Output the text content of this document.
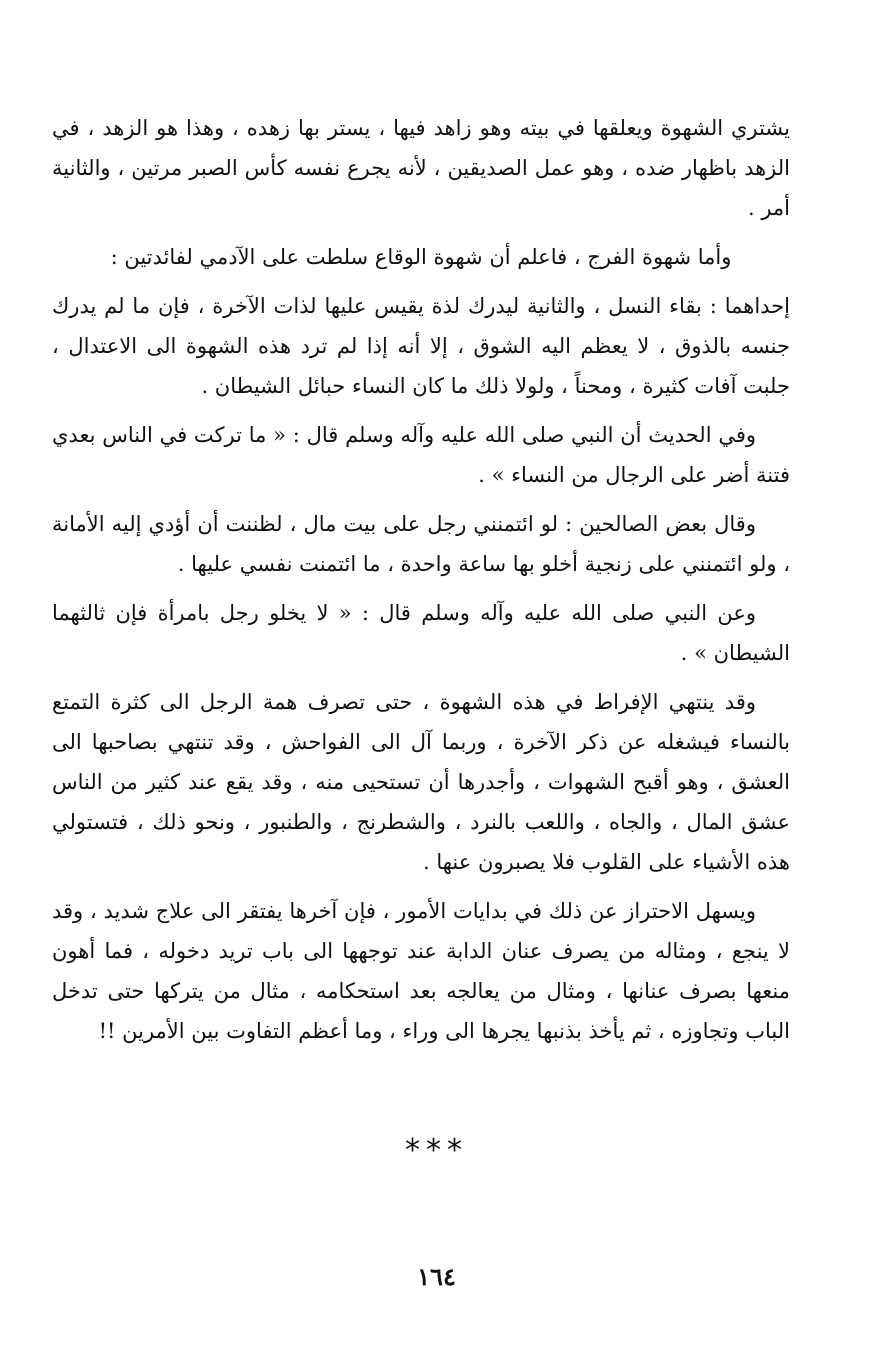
يشتري الشهوة ويعلقها في بيته وهو زاهد فيها ، يستر بها زهده ، وهذا هو الزهد ، في الزهد باظهار ضده ، وهو عمل الصديقين ، لأنه يجرع نفسه كأس الصبر مرتين ، والثانية أمر .

وأما شهوة الفرج ، فاعلم أن شهوة الوقاع سلطت على الآدمي لفائدتين :

إحداهما : بقاء النسل ، والثانية ليدرك لذة يقيس عليها لذات الآخرة ، فإن ما لم يدرك جنسه بالذوق ، لا يعظم اليه الشوق ، إلا أنه إذا لم ترد هذه الشهوة الى الاعتدال ، جلبت آفات كثيرة ، ومحناً ، ولولا ذلك ما كان النساء حبائل الشيطان .

وفي الحديث أن النبي صلى الله عليه وآله وسلم قال : « ما تركت في الناس بعدي فتنة أضر على الرجال من النساء » .

وقال بعض الصالحين : لو ائتمنني رجل على بيت مال ، لظننت أن أؤدي إليه الأمانة ، ولو ائتمنني على زنجية أخلو بها ساعة واحدة ، ما ائتمنت نفسي عليها .

وعن النبي صلى الله عليه وآله وسلم قال : « لا يخلو رجل بامرأة فإن ثالثهما الشيطان » .

وقد ينتهي الإفراط في هذه الشهوة ، حتى تصرف همة الرجل الى كثرة التمتع بالنساء فيشغله عن ذكر الآخرة ، وربما آل الى الفواحش ، وقد تنتهي بصاحبها الى العشق ، وهو أقبح الشهوات ، وأجدرها أن تستحيى منه ، وقد يقع عند كثير من الناس عشق المال ، والجاه ، واللعب بالنرد ، والشطرنج ، والطنبور ، ونحو ذلك ، فتستولي هذه الأشياء على القلوب فلا يصبرون عنها .

ويسهل الاحتراز عن ذلك في بدايات الأمور ، فإن آخرها يفتقر الى علاج شديد ، وقد لا ينجع ، ومثاله من يصرف عنان الدابة عند توجهها الى باب تريد دخوله ، فما أهون منعها بصرف عنانها ، ومثال من يعالجه بعد استحكامه ، مثال من يتركها حتى تدخل الباب وتجاوزه ، ثم يأخذ بذنبها يجرها الى وراء ، وما أعظم التفاوت بين الأمرين !!

***
١٦٤
